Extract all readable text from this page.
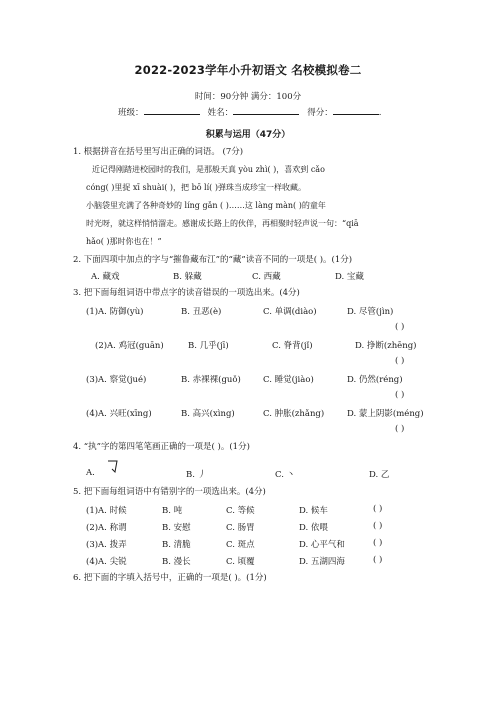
2022-2023学年小升初语文 名校模拟卷二
时间：90分钟 满分：100分
班级：	姓名：	得分：	.
积累与运用（47分）
1. 根据拼音在括号里写出正确的词语。 (7分)
近记得刚踏进校园时的我们，是那般天真 yòu zhì( )，喜欢到 cǎo
cóng( )里捉 xī shuài( )，把 bō lí( )弹珠当成珍宝一样收藏。
小脑袋里充满了各种奇妙的 líng gǎn ( )……这 làng màn( )的童年
时光呀，就这样悄悄溜走。感谢成长路上的伙伴，再相聚时轻声说一句：“qiā
hǎo( )那时你也在！”
2. 下面四项中加点的字与“摧鲁藏布江”的“藏”读音不同的一项是( )。(1分)
A. 藏戏	B. 躲藏	C. 西藏	D. 宝藏
3. 把下面每组词语中带点字的读音错误的一项选出来。(4分)
(1)A. 防御(yù)	B. 丑恶(è)	C. 单调(diào)	D. 尽管(jìn)
( )
(2)A. 鸡冠(guān)	B. 几乎(jī)	C. 脊背(jǐ)	D. 挣断(zhēng)
( )
(3)A. 察觉(jué)	B. 赤裸裸(guǒ)	C. 睡觉(jiào)	D. 仍然(réng)
( )
(4)A. 兴旺(xīng)	B. 高兴(xìng)	C. 肿胀(zhǎng)	D. 蒙上阴影(méng)
( )
4. “执”字的第四笔笔画正确的一项是( )。(1分)
A.	B. 丿	C. 丶	D. 乙
5. 把下面每组词语中有错别字的一项选出来。(4分)
(1)A. 时候	B. 吨	C. 等候	D. 候车	( )
(2)A. 称谓	B. 安慰	C. 肠胃	D. 依喂	( )
(3)A. 拨弄	B. 清脆	C. 斑点	D. 心平气和	( )
(4)A. 尖锐	B. 漫长	C. 顷覆	D. 五湖四海	( )
6. 把下面的字填入括号中，正确的一项是( )。(1分)
